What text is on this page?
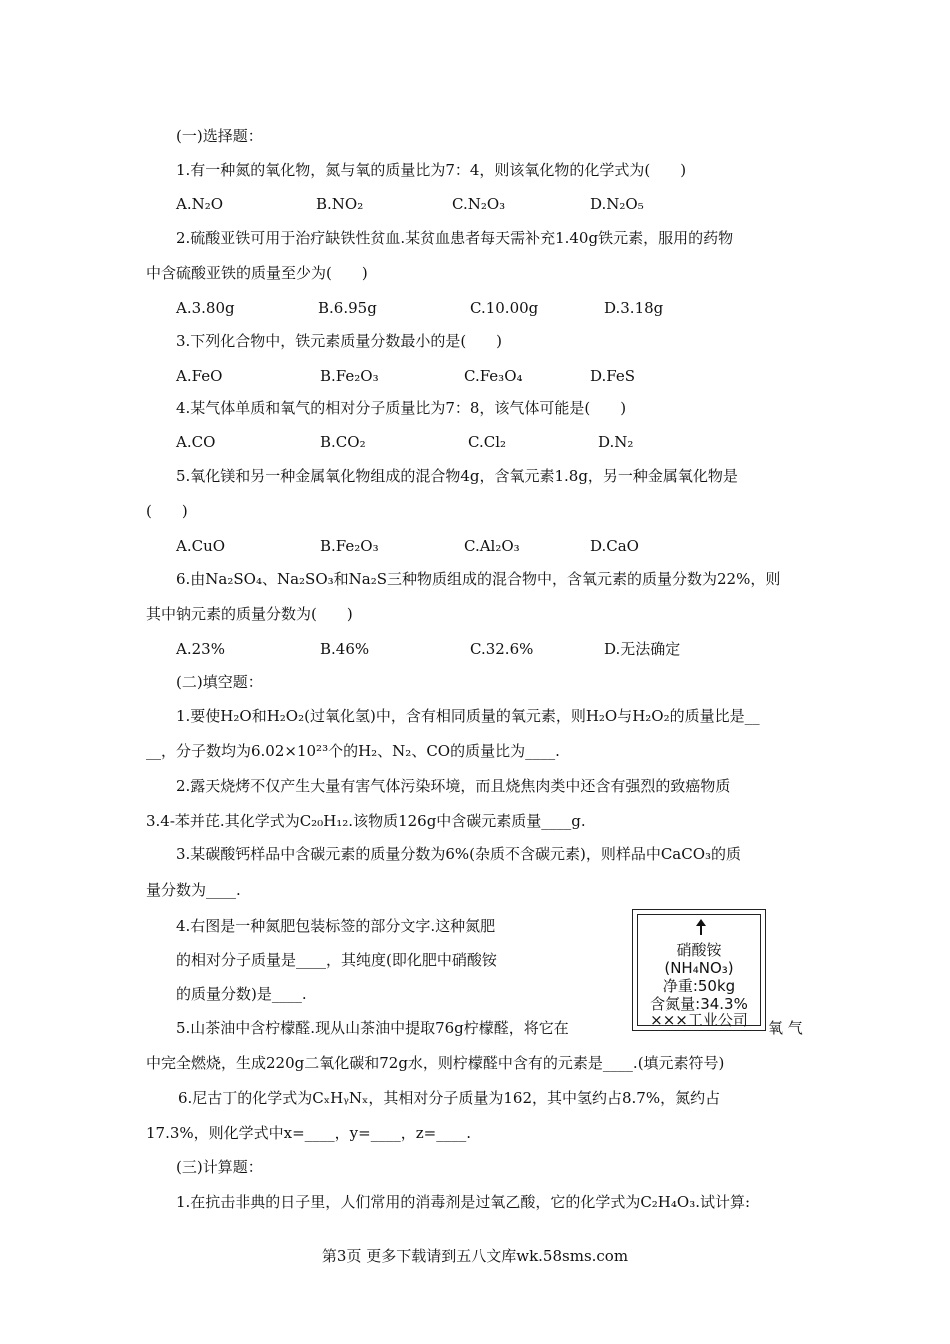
(一)选择题：
1.有一种氮的氧化物，氮与氧的质量比为7：4，则该氧化物的化学式为(　　)
A.N₂O	B.NO₂	C.N₂O₃	D.N₂O₅
2.硫酸亚铁可用于治疗缺铁性贫血.某贫血患者每天需补充1.40g铁元素，服用的药物
中含硫酸亚铁的质量至少为(　　)
A.3.80g	B.6.95g	C.10.00g	D.3.18g
3.下列化合物中，铁元素质量分数最小的是(　　)
A.FeO	B.Fe₂O₃	C.Fe₃O₄	D.FeS
4.某气体单质和氧气的相对分子质量比为7：8，该气体可能是(　　)
A.CO	B.CO₂	C.Cl₂	D.N₂
5.氧化镁和另一种金属氧化物组成的混合物4g，含氧元素1.8g，另一种金属氧化物是
(　　)
A.CuO	B.Fe₂O₃	C.Al₂O₃	D.CaO
6.由Na₂SO₄、Na₂SO₃和Na₂S三种物质组成的混合物中，含氧元素的质量分数为22%，则
其中钠元素的质量分数为(　　)
A.23%	B.46%	C.32.6%	D.无法确定
(二)填空题：
1.要使H₂O和H₂O₂(过氧化氢)中，含有相同质量的氧元素，则H₂O与H₂O₂的质量比是__
__，分子数均为6.02×10²³个的H₂、N₂、CO的质量比为____.
2.露天烧烤不仅产生大量有害气体污染环境，而且烧焦肉类中还含有强烈的致癌物质
3.4-苯并芘.其化学式为C₂₀H₁₂.该物质126g中含碳元素质量____g.
3.某碳酸钙样品中含碳元素的质量分数为6%(杂质不含碳元素)，则样品中CaCO₃的质
量分数为____.
4.右图是一种氮肥包装标签的部分文字.这种氮肥
的相对分子质量是____，其纯度(即化肥中硝酸铵
的质量分数)是____.
硝酸铵
(NH₄NO₃)
净重:50kg
含氮量:34.3%
×××工业公司
5.山茶油中含柠檬醛.现从山茶油中提取76g柠檬醛，将它在	氧 气
中完全燃烧，生成220g二氧化碳和72g水，则柠檬醛中含有的元素是____.(填元素符号)
6.尼古丁的化学式为CₓHᵧNₓ，其相对分子质量为162，其中氢约占8.7%，氮约占
17.3%，则化学式中x=____，y=____，z=____.
(三)计算题：
1.在抗击非典的日子里，人们常用的消毒剂是过氧乙酸，它的化学式为C₂H₄O₃.试计算:
第3页 更多下载请到五八文库wk.58sms.com
